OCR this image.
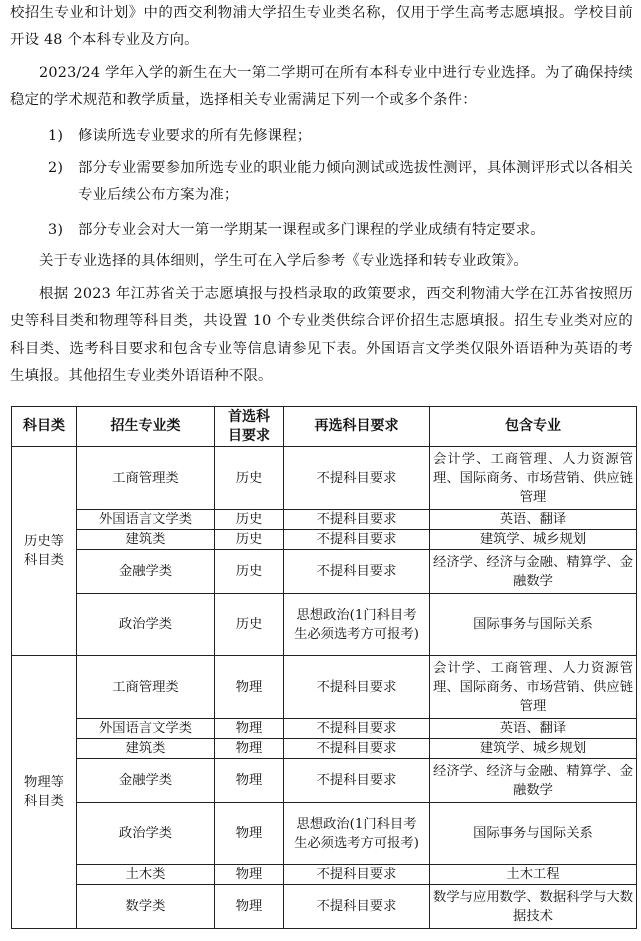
校招生专业和计划》中的西交利物浦大学招生专业类名称，仅用于学生高考志愿填报。学校目前开设 48 个本科专业及方向。

2023/24 学年入学的新生在大一第二学期可在所有本科专业中进行专业选择。为了确保持续稳定的学术规范和教学质量，选择相关专业需满足下列一个或多个条件：

1) 修读所选专业要求的所有先修课程；
2) 部分专业需要参加所选专业的职业能力倾向测试或选拔性测评，具体测评形式以各相关专业后续公布方案为准；
3) 部分专业会对大一第一学期某一课程或多门课程的学业成绩有特定要求。

关于专业选择的具体细则，学生可在入学后参考《专业选择和转专业政策》。

根据 2023 年江苏省关于志愿填报与投档录取的政策要求，西交利物浦大学在江苏省按照历史等科目类和物理等科目类，共设置 10 个专业类供综合评价招生志愿填报。招生专业类对应的科目类、选考科目要求和包含专业等信息请参见下表。外国语言文学类仅限外语语种为英语的考生填报。其他招生专业类外语语种不限。

科目类	招生专业类	首选科目要求	再选科目要求	包含专业
历史等科目类	工商管理类	历史	不提科目要求	会计学、工商管理、人力资源管理、国际商务、市场营销、供应链管理
	外国语言文学类	历史	不提科目要求	英语、翻译
	建筑类	历史	不提科目要求	建筑学、城乡规划
	金融学类	历史	不提科目要求	经济学、经济与金融、精算学、金融数学
	政治学类	历史	思想政治(1门科目考生必须选考方可报考)	国际事务与国际关系
物理等科目类	工商管理类	物理	不提科目要求	会计学、工商管理、人力资源管理、国际商务、市场营销、供应链管理
	外国语言文学类	物理	不提科目要求	英语、翻译
	建筑类	物理	不提科目要求	建筑学、城乡规划
	金融学类	物理	不提科目要求	经济学、经济与金融、精算学、金融数学
	政治学类	物理	思想政治(1门科目考生必须选考方可报考)	国际事务与国际关系
	土木类	物理	不提科目要求	土木工程
	数学类	物理	不提科目要求	数学与应用数学、数据科学与大数据技术
